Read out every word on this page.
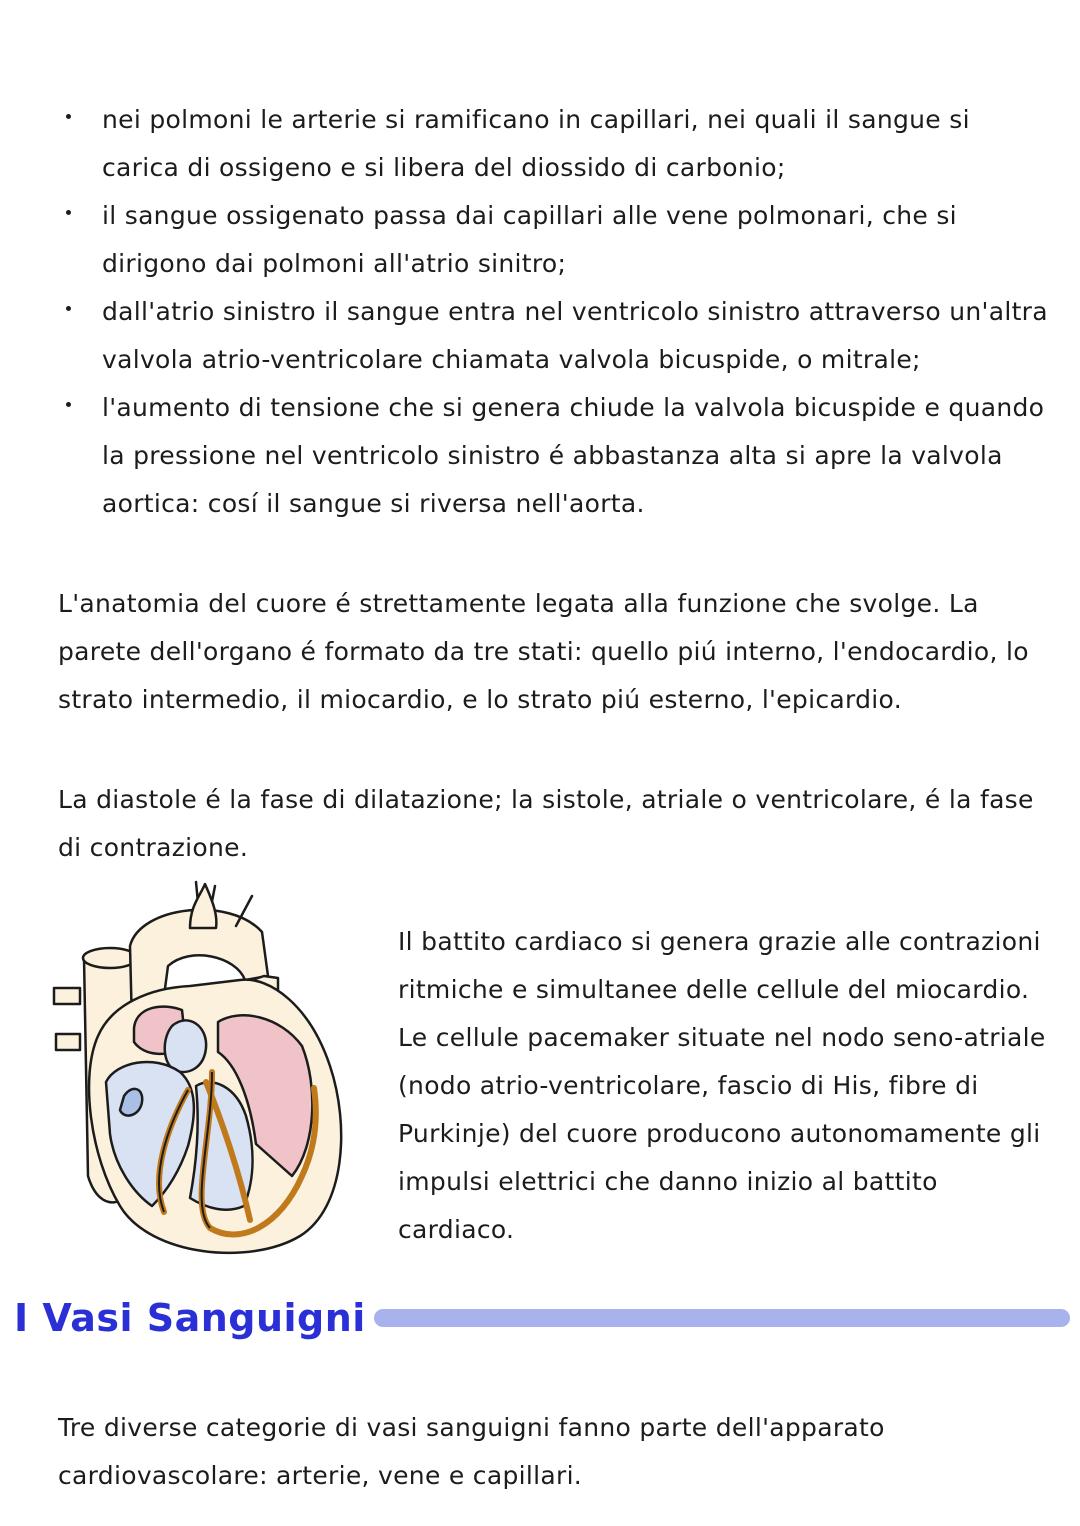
nei polmoni le arterie si ramificano in capillari, nei quali il sangue si carica di ossigeno e si libera del diossido di carbonio;
il sangue ossigenato passa dai capillari alle vene polmonari, che si dirigono dai polmoni all'atrio sinitro;
dall'atrio sinistro il sangue entra nel ventricolo sinistro attraverso un'altra valvola atrio-ventricolare chiamata valvola bicuspide, o mitrale;
l'aumento di tensione che si genera chiude la valvola bicuspide e quando la pressione nel ventricolo sinistro é abbastanza alta si apre la valvola aortica: cosí il sangue si riversa nell'aorta.

L'anatomia del cuore é strettamente legata alla funzione che svolge. La parete dell'organo é formato da tre stati: quello piú interno, l'endocardio, lo strato intermedio, il miocardio, e lo strato piú esterno, l'epicardio.

La diastole é la fase di dilatazione; la sistole, atriale o ventricolare, é la fase di contrazione.

Il battito cardiaco si genera grazie alle contrazioni ritmiche e simultanee delle cellule del miocardio. Le cellule pacemaker situate nel nodo seno-atriale (nodo atrio-ventricolare, fascio di His, fibre di Purkinje) del cuore producono autonomamente gli impulsi elettrici che danno inizio al battito cardiaco.

I Vasi Sanguigni

Tre diverse categorie di vasi sanguigni fanno parte dell'apparato cardiovascolare: arterie, vene e capillari.
